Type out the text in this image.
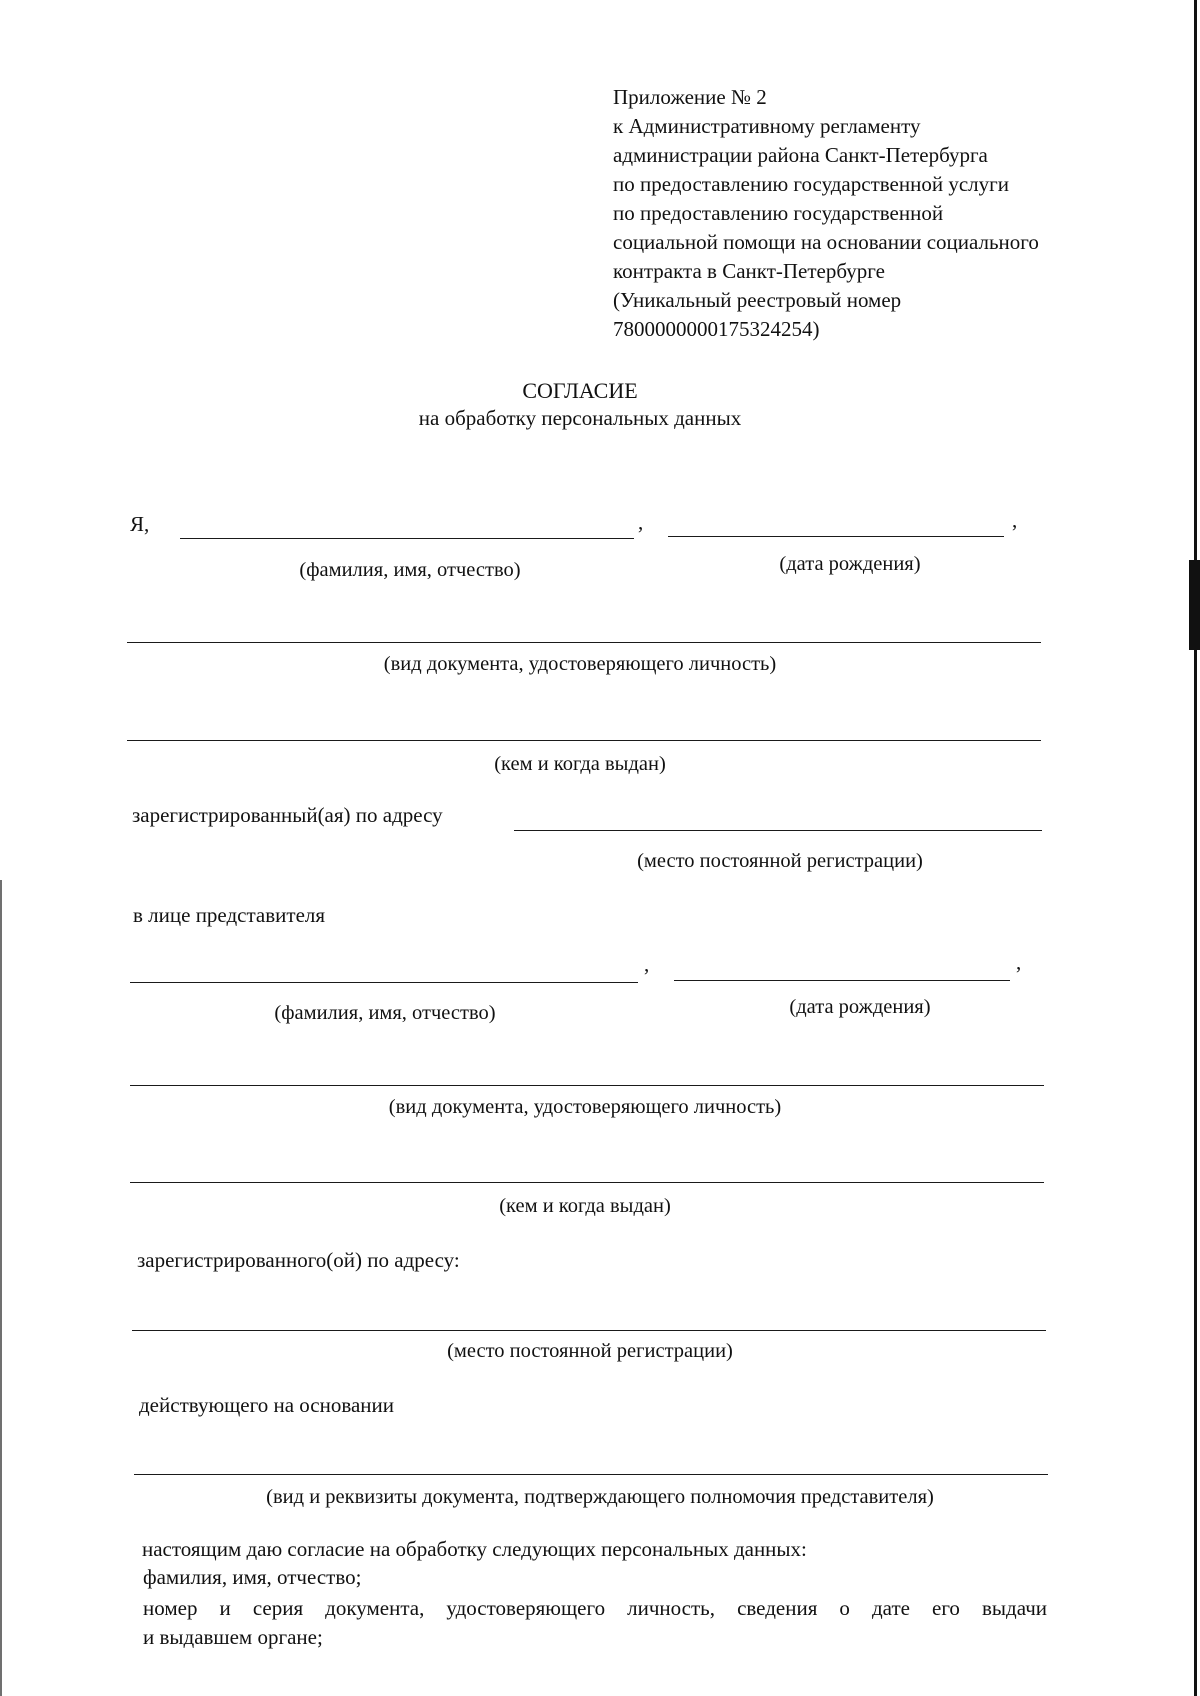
Приложение № 2
к Административному регламенту
администрации района Санкт-Петербурга
по предоставлению государственной услуги
по предоставлению государственной
социальной помощи на основании социального
контракта в Санкт-Петербурге
(Уникальный реестровый номер
7800000000175324254)
СОГЛАСИЕ
на обработку персональных данных
Я,	,	,
(фамилия, имя, отчество)	(дата рождения)
(вид документа, удостоверяющего личность)
(кем и когда выдан)
зарегистрированный(ая) по адресу
(место постоянной регистрации)
в лице представителя
,	,
(фамилия, имя, отчество)	(дата рождения)
(вид документа, удостоверяющего личность)
(кем и когда выдан)
зарегистрированного(ой) по адресу:
(место постоянной регистрации)
действующего на основании
(вид и реквизиты документа, подтверждающего полномочия представителя)
настоящим даю согласие на обработку следующих персональных данных:
фамилия, имя, отчество;
номер и серия документа, удостоверяющего личность, сведения о дате его выдачи
и выдавшем органе;
